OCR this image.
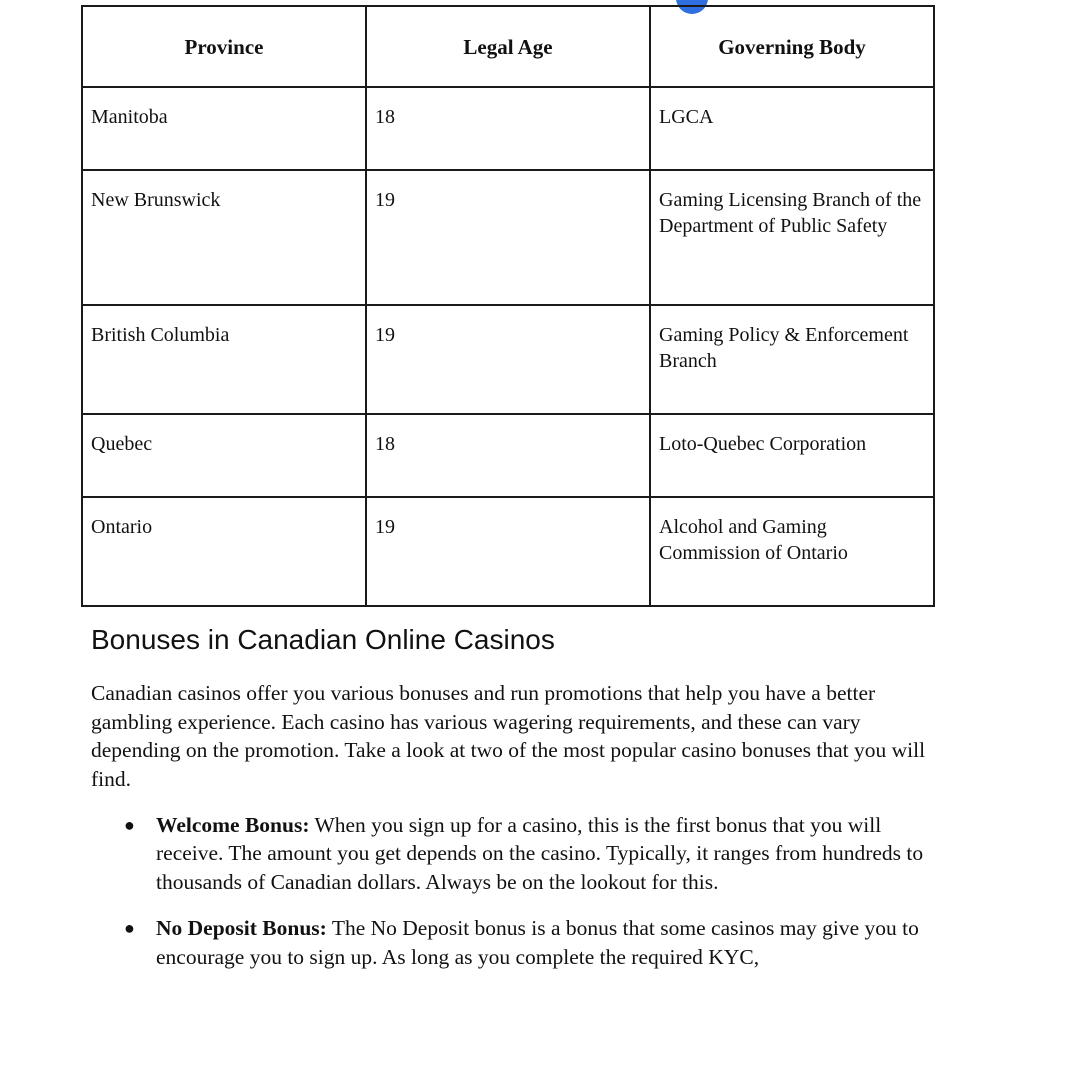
Province	Legal Age	Governing Body

Manitoba	18	LGCA

New Brunswick	19	Gaming Licensing Branch of the Department of Public Safety

British Columbia	19	Gaming Policy & Enforcement Branch

Quebec	18	Loto-Quebec Corporation

Ontario	19	Alcohol and Gaming Commission of Ontario
Bonuses in Canadian Online Casinos

Canadian casinos offer you various bonuses and run promotions that help you have a better gambling experience. Each casino has various wagering requirements, and these can vary depending on the promotion. Take a look at two of the most popular casino bonuses that you will find.

● Welcome Bonus: When you sign up for a casino, this is the first bonus that you will receive. The amount you get depends on the casino. Typically, it ranges from hundreds to thousands of Canadian dollars. Always be on the lookout for this.
● No Deposit Bonus: The No Deposit bonus is a bonus that some casinos may give you to encourage you to sign up. As long as you complete the required KYC,
